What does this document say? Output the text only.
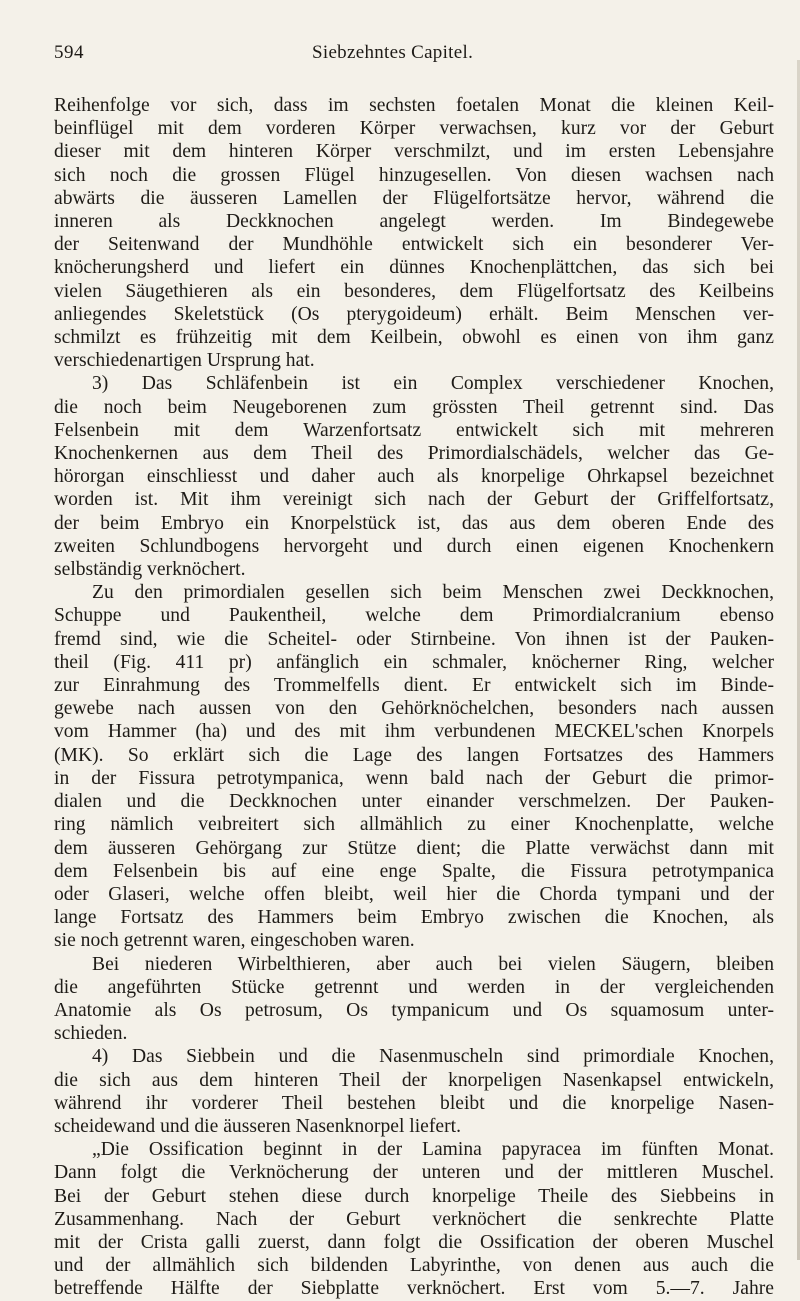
594	Siebzehntes Capitel.
Reihenfolge vor sich, dass im sechsten foetalen Monat die kleinen Keil-
beinflügel mit dem vorderen Körper verwachsen, kurz vor der Geburt
dieser mit dem hinteren Körper verschmilzt, und im ersten Lebensjahre
sich noch die grossen Flügel hinzugesellen. Von diesen wachsen nach
abwärts die äusseren Lamellen der Flügelfortsätze hervor, während die
inneren als Deckknochen angelegt werden. Im Bindegewebe
der Seitenwand der Mundhöhle entwickelt sich ein besonderer Ver-
knöcherungsherd und liefert ein dünnes Knochenplättchen, das sich bei
vielen Säugethieren als ein besonderes, dem Flügelfortsatz des Keilbeins
anliegendes Skeletstück (Os pterygoideum) erhält. Beim Menschen ver-
schmilzt es frühzeitig mit dem Keilbein, obwohl es einen von ihm ganz
verschiedenartigen Ursprung hat.
3) Das Schläfenbein ist ein Complex verschiedener Knochen,
die noch beim Neugeborenen zum grössten Theil getrennt sind. Das
Felsenbein mit dem Warzenfortsatz entwickelt sich mit mehreren
Knochenkernen aus dem Theil des Primordialschädels, welcher das Ge-
hörorgan einschliesst und daher auch als knorpelige Ohrkapsel bezeichnet
worden ist. Mit ihm vereinigt sich nach der Geburt der Griffelfortsatz,
der beim Embryo ein Knorpelstück ist, das aus dem oberen Ende des
zweiten Schlundbogens hervorgeht und durch einen eigenen Knochenkern
selbständig verknöchert.
Zu den primordialen gesellen sich beim Menschen zwei Deckknochen,
Schuppe und Paukentheil, welche dem Primordialcranium ebenso
fremd sind, wie die Scheitel- oder Stirnbeine. Von ihnen ist der Pauken-
theil (Fig. 411 pr) anfänglich ein schmaler, knöcherner Ring, welcher
zur Einrahmung des Trommelfells dient. Er entwickelt sich im Binde-
gewebe nach aussen von den Gehörknöchelchen, besonders nach aussen
vom Hammer (ha) und des mit ihm verbundenen MECKEL'schen Knorpels
(MK). So erklärt sich die Lage des langen Fortsatzes des Hammers
in der Fissura petrotympanica, wenn bald nach der Geburt die primor-
dialen und die Deckknochen unter einander verschmelzen. Der Pauken-
ring nämlich veıbreitert sich allmählich zu einer Knochenplatte, welche
dem äusseren Gehörgang zur Stütze dient; die Platte verwächst dann mit
dem Felsenbein bis auf eine enge Spalte, die Fissura petrotympanica
oder Glaseri, welche offen bleibt, weil hier die Chorda tympani und der
lange Fortsatz des Hammers beim Embryo zwischen die Knochen, als
sie noch getrennt waren, eingeschoben waren.
Bei niederen Wirbelthieren, aber auch bei vielen Säugern, bleiben
die angeführten Stücke getrennt und werden in der vergleichenden
Anatomie als Os petrosum, Os tympanicum und Os squamosum unter-
schieden.
4) Das Siebbein und die Nasenmuscheln sind primordiale Knochen,
die sich aus dem hinteren Theil der knorpeligen Nasenkapsel entwickeln,
während ihr vorderer Theil bestehen bleibt und die knorpelige Nasen-
scheidewand und die äusseren Nasenknorpel liefert.
„Die Ossification beginnt in der Lamina papyracea im fünften Monat.
Dann folgt die Verknöcherung der unteren und der mittleren Muschel.
Bei der Geburt stehen diese durch knorpelige Theile des Siebbeins in
Zusammenhang. Nach der Geburt verknöchert die senkrechte Platte
mit der Crista galli zuerst, dann folgt die Ossification der oberen Muschel
und der allmählich sich bildenden Labyrinthe, von denen aus auch die
betreffende Hälfte der Siebplatte verknöchert. Erst vom 5.—7. Jahre
